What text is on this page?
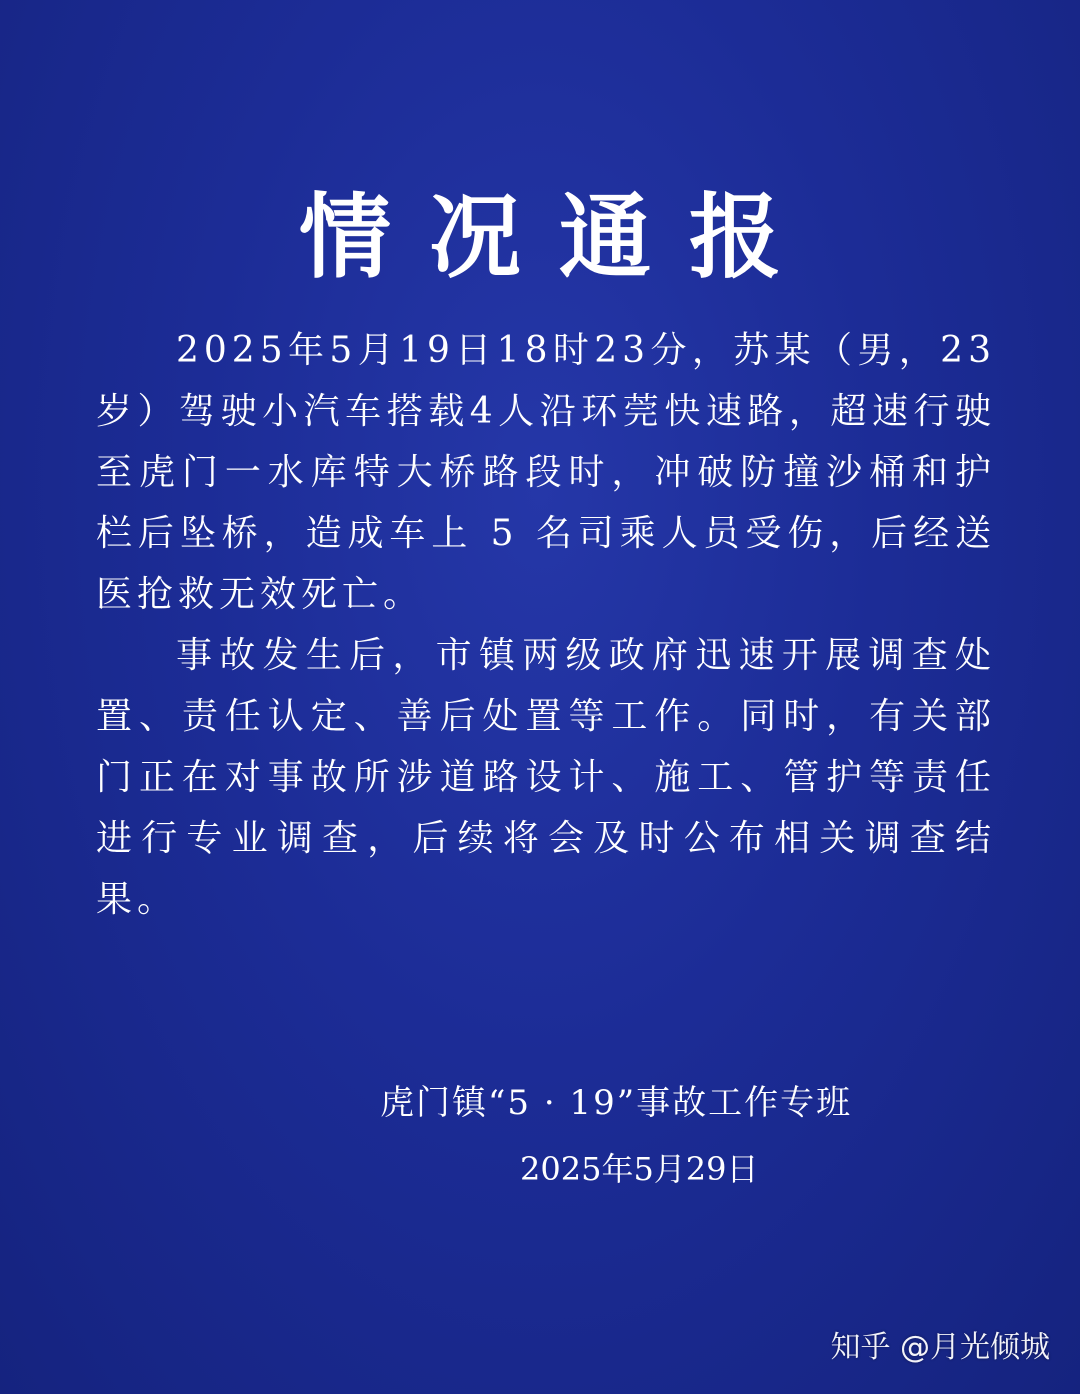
情况通报

2025年5月19日18时23分，苏某（男，23岁）驾驶小汽车搭载4人沿环莞快速路，超速行驶至虎门一水库特大桥路段时，冲破防撞沙桶和护栏后坠桥，造成车上 5 名司乘人员受伤，后经送医抢救无效死亡。

事故发生后，市镇两级政府迅速开展调查处置、责任认定、善后处置等工作。同时，有关部门正在对事故所涉道路设计、施工、管护等责任进行专业调查，后续将会及时公布相关调查结果。

虎门镇“5 · 19”事故工作专班
2025年5月29日
知乎 @月光倾城
